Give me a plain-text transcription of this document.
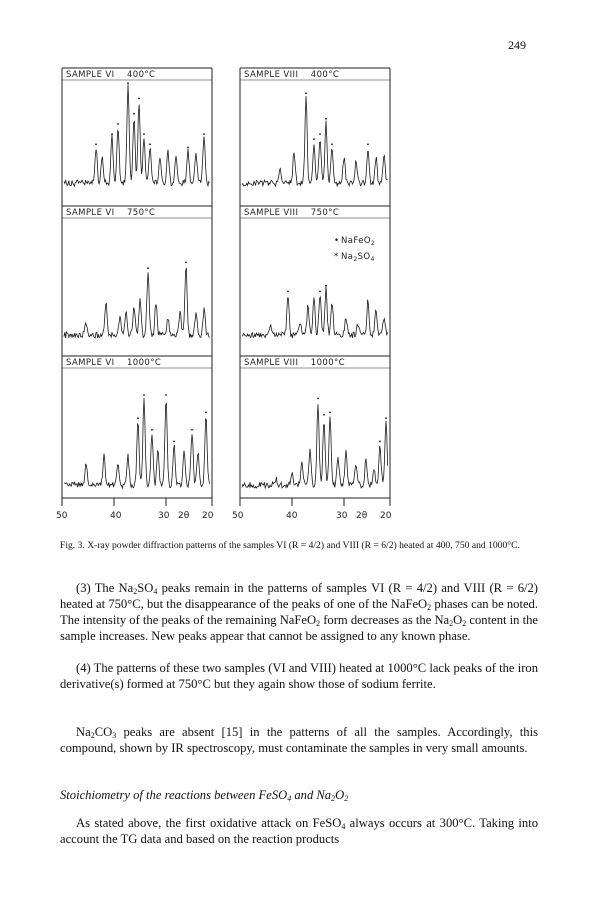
249
SAMPLE VI    400°C	SAMPLE VIII    400°C
SAMPLE VI    750°C	SAMPLE VIII    750°C
SAMPLE VI    1000°C	SAMPLE VIII    1000°C
• NaFeO$_2$
* $Na_2SO_4$
50	40	30 2θ 20 50	40	30 2θ 20
Fig. 3. X-ray powder diffraction patterns of the samples VI (R = 4/2) and VIII (R = 6/2) heated at 400, 750 and 1000°C.

(3) The $Na_2SO_4$ peaks remain in the patterns of samples VI (R = 4/2) and VIII (R = 6/2) heated at 750°C, but the disappearance of the peaks of one of the NaFeO$_2$ phases can be noted. The intensity of the peaks of the remaining NaFeO$_2$ form decreases as the $Na_2O_2$ content in the sample increases. New peaks appear that cannot be assigned to any known phase.

(4) The patterns of these two samples (VI and VIII) heated at 1000°C lack peaks of the iron derivative(s) formed at 750°C but they again show those of sodium ferrite.

$Na_2CO_3$ peaks are absent [15] in the patterns of all the samples. Accordingly, this compound, shown by IR spectroscopy, must contaminate the samples in very small amounts.

Stoichiometry of the reactions between FeSO$_4$ and $Na_2O_2$

As stated above, the first oxidative attack on FeSO$_4$ always occurs at 300°C. Taking into account the TG data and based on the reaction products
